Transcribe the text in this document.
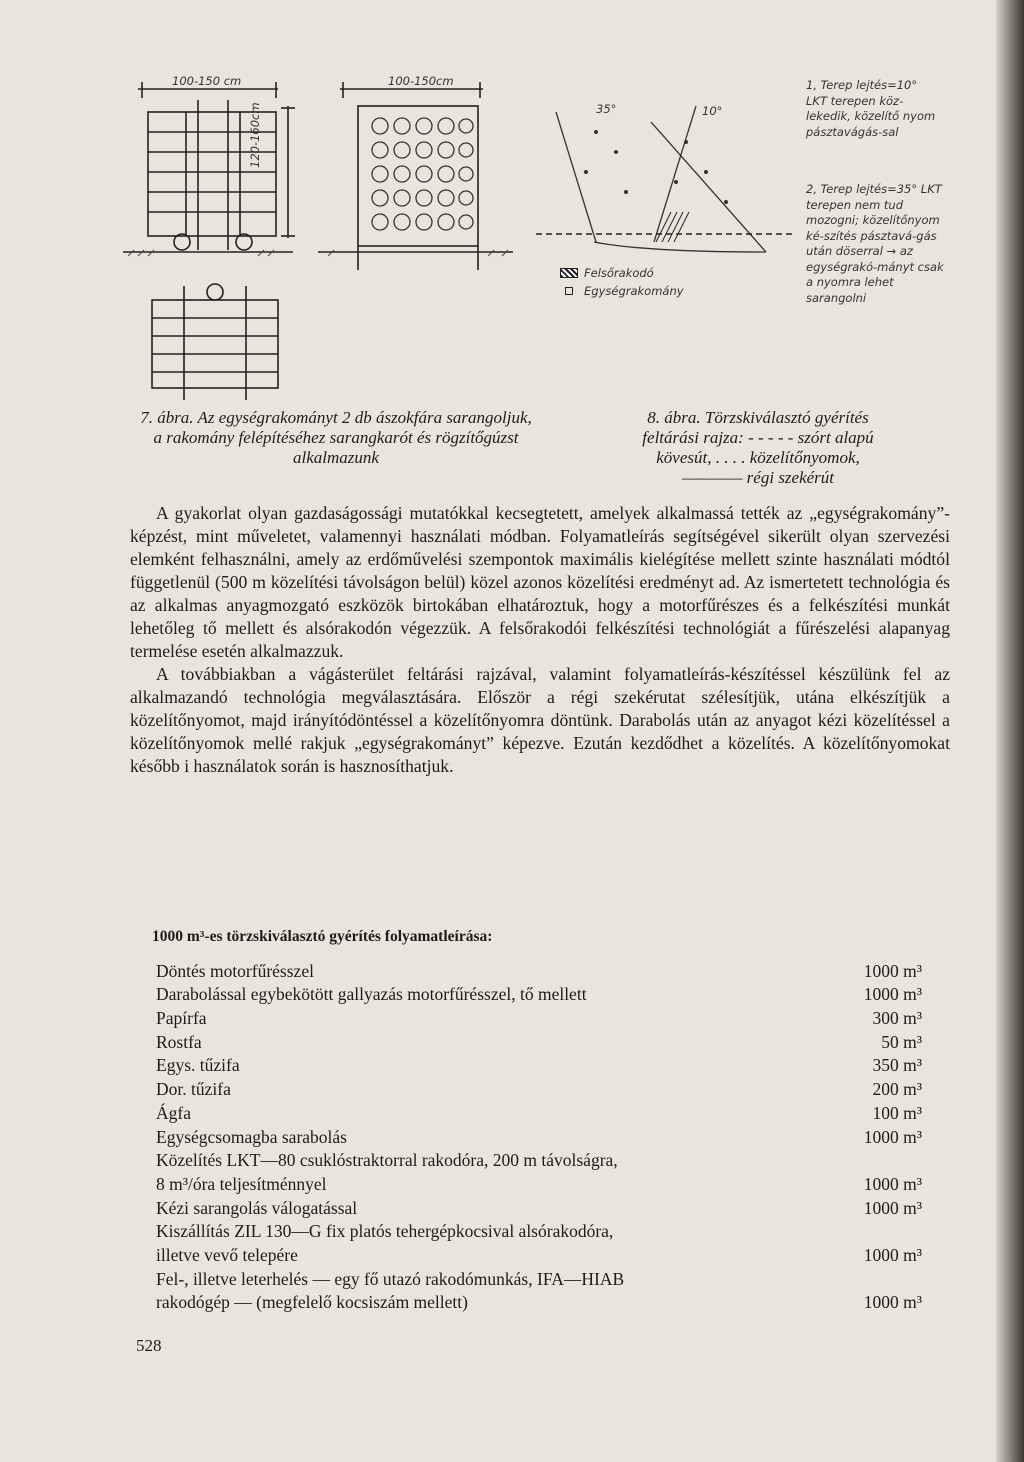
100-150 cm	100-150cm
120-160cm
7. ábra. Az egységrakományt 2 db ászokfára sarangoljuk, a rakomány felépítéséhez sarangkarót és rögzítőgúzst alkalmazunk
35°	10°
Felsőrakodó
Egységrakomány
1, Terep lejtés=10° LKT terepen köz-lekedik, közelítő nyom pásztavágás-sal
2, Terep lejtés=35° LKT terepen nem tud mozogni; közelítőnyom ké-szítés pásztavá-gás után döserral → az egységrakó-mányt csak a nyomra lehet sarangolni
8. ábra. Törzskiválasztó gyérítés
feltárási rajza: - - - - - szórt alapú
kövesút, . . . . közelítőnyomok,
———— régi szekérút

A gyakorlat olyan gazdaságossági mutatókkal kecsegtetett, amelyek alkalmassá tették az „egységrakomány”-képzést, mint műveletet, valamennyi használati módban. Folyamatleírás segítségével sikerült olyan szervezési elemként felhasználni, amely az erdőművelési szempontok maximális kielégítése mellett szinte használati módtól függetlenül (500 m közelítési távolságon belül) közel azonos közelítési eredményt ad. Az ismertetett technológia és az alkalmas anyagmozgató eszközök birtokában elhatároztuk, hogy a motorfűrészes és a felkészítési munkát lehetőleg tő mellett és alsórakodón végezzük. A felsőrakodói felkészítési technológiát a fűrészelési alapanyag termelése esetén alkalmazzuk.

A továbbiakban a vágásterület feltárási rajzával, valamint folyamatleírás-készítéssel készülünk fel az alkalmazandó technológia megválasztására. Először a régi szekérutat szélesítjük, utána elkészítjük a közelítőnyomot, majd irányítódöntéssel a közelítőnyomra döntünk. Darabolás után az anyagot kézi közelítéssel a közelítőnyomok mellé rakjuk „egységrakományt” képezve. Ezután kezdődhet a közelítés. A közelítőnyomokat később i használatok során is hasznosíthatjuk.

1000 m³-es törzskiválasztó gyérítés folyamatleírása:
Döntés motorfűrésszel	1000 m³
Darabolással egybekötött gallyazás motorfűrésszel, tő mellett	1000 m³
Papírfa	300 m³
Rostfa	50 m³
Egys. tűzifa	350 m³
Dor. tűzifa	200 m³
Ágfa	100 m³
Egységcsomagba sarabolás	1000 m³
Közelítés LKT—80 csuklóstraktorral rakodóra, 200 m távolságra,
8 m³/óra teljesítménnyel	1000 m³
Kézi sarangolás válogatással	1000 m³
Kiszállítás ZIL 130—G fix platós tehergépkocsival alsórakodóra,
illetve vevő telepére	1000 m³
Fel-, illetve leterhelés — egy fő utazó rakodómunkás, IFA—HIAB
rakodógép — (megfelelő kocsiszám mellett)	1000 m³
528
